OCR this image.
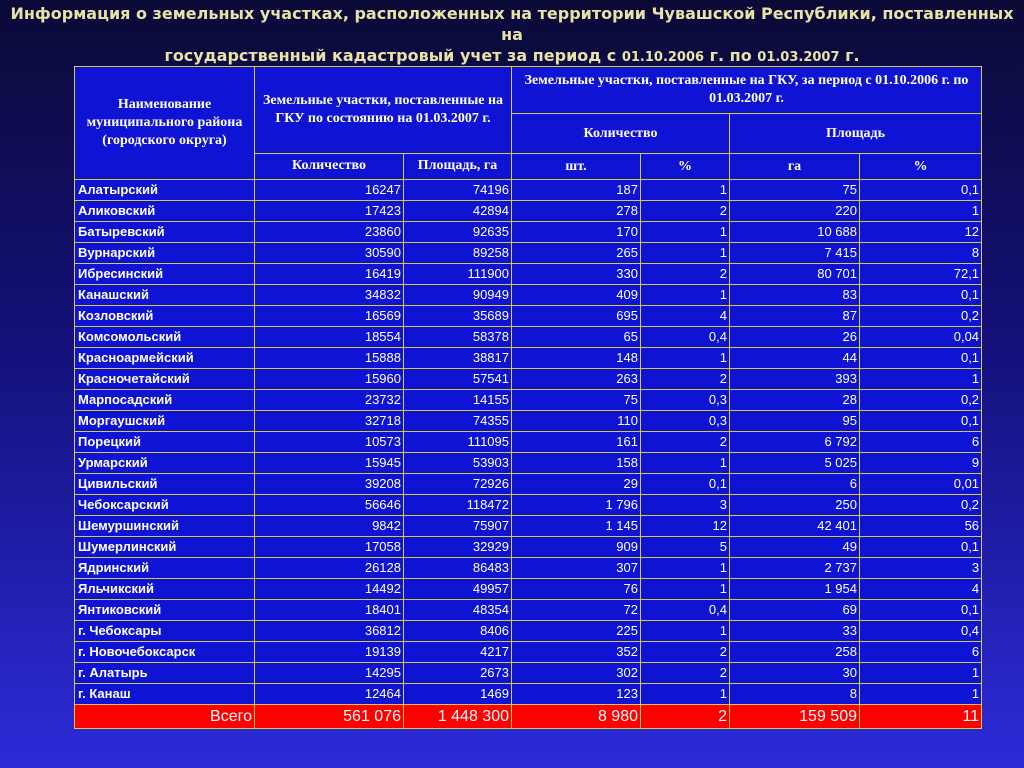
Информация о земельных участках, расположенных на территории Чувашской Республики, поставленных на
государственный кадастровый учет за период с 01.10.2006 г. по 01.03.2007 г.
Наименование муниципального района (городского округа)	Земельные участки, поставленные на ГКУ по состоянию на 01.03.2007 г.		Земельные участки, поставленные на ГКУ, за период с 01.10.2006 г. по 01.03.2007 г.			
			Количество		Площадь	
	Количество	Площадь, га	шт.	%	га	%
Алатырский	16247	74196	187	1	75	0,1
Аликовский	17423	42894	278	2	220	1
Батыревский	23860	92635	170	1	10 688	12
Вурнарский	30590	89258	265	1	7 415	8
Ибресинский	16419	111900	330	2	80 701	72,1
Канашский	34832	90949	409	1	83	0,1
Козловский	16569	35689	695	4	87	0,2
Комсомольский	18554	58378	65	0,4	26	0,04
Красноармейский	15888	38817	148	1	44	0,1
Красночетайский	15960	57541	263	2	393	1
Марпосадский	23732	14155	75	0,3	28	0,2
Моргаушский	32718	74355	110	0,3	95	0,1
Порецкий	10573	111095	161	2	6 792	6
Урмарский	15945	53903	158	1	5 025	9
Цивильский	39208	72926	29	0,1	6	0,01
Чебоксарский	56646	118472	1 796	3	250	0,2
Шемуршинский	9842	75907	1 145	12	42 401	56
Шумерлинский	17058	32929	909	5	49	0,1
Ядринский	26128	86483	307	1	2 737	3
Яльчикский	14492	49957	76	1	1 954	4
Янтиковский	18401	48354	72	0,4	69	0,1
г. Чебоксары	36812	8406	225	1	33	0,4
г. Новочебоксарск	19139	4217	352	2	258	6
г. Алатырь	14295	2673	302	2	30	1
г. Канаш	12464	1469	123	1	8	1
Всего	561 076	1 448 300	8 980	2	159 509	11
